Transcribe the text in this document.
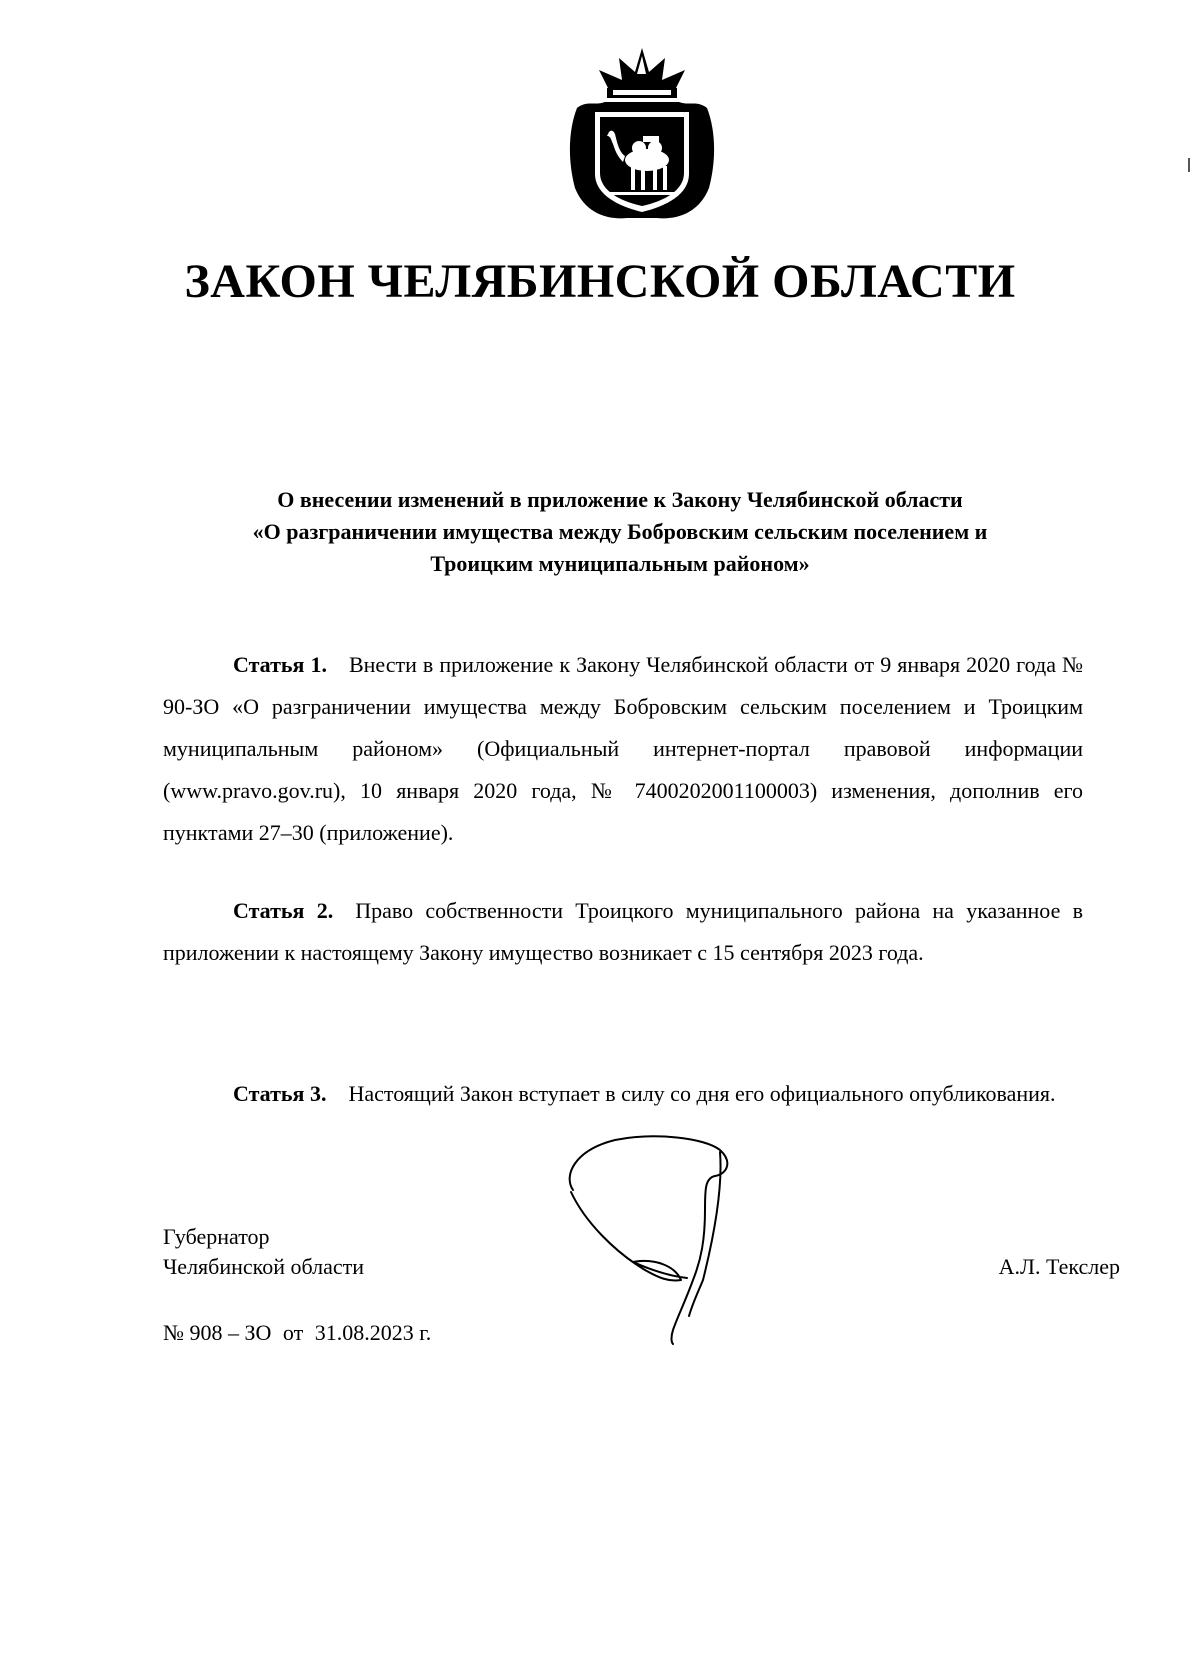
ЗАКОН ЧЕЛЯБИНСКОЙ ОБЛАСТИ
О внесении изменений в приложение к Закону Челябинской области
«О разграничении имущества между Бобровским сельским поселением и
Троицким муниципальным районом»
Статья 1. Внести в приложение к Закону Челябинской области от 9 января 2020 года № 90-ЗО «О разграничении имущества между Бобровским сельским поселением и Троицким муниципальным районом» (Официальный интернет-портал правовой информации (www.pravo.gov.ru), 10 января 2020 года, № 7400202001100003) изменения, дополнив его пунктами 27–30 (приложение).
Статья 2. Право собственности Троицкого муниципального района на указанное в приложении к настоящему Закону имущество возникает с 15 сентября 2023 года.
Статья 3. Настоящий Закон вступает в силу со дня его официального опубликования.
Губернатор
Челябинской области	А.Л. Текслер
№ 908 – ЗО от 31.08.2023 г.
